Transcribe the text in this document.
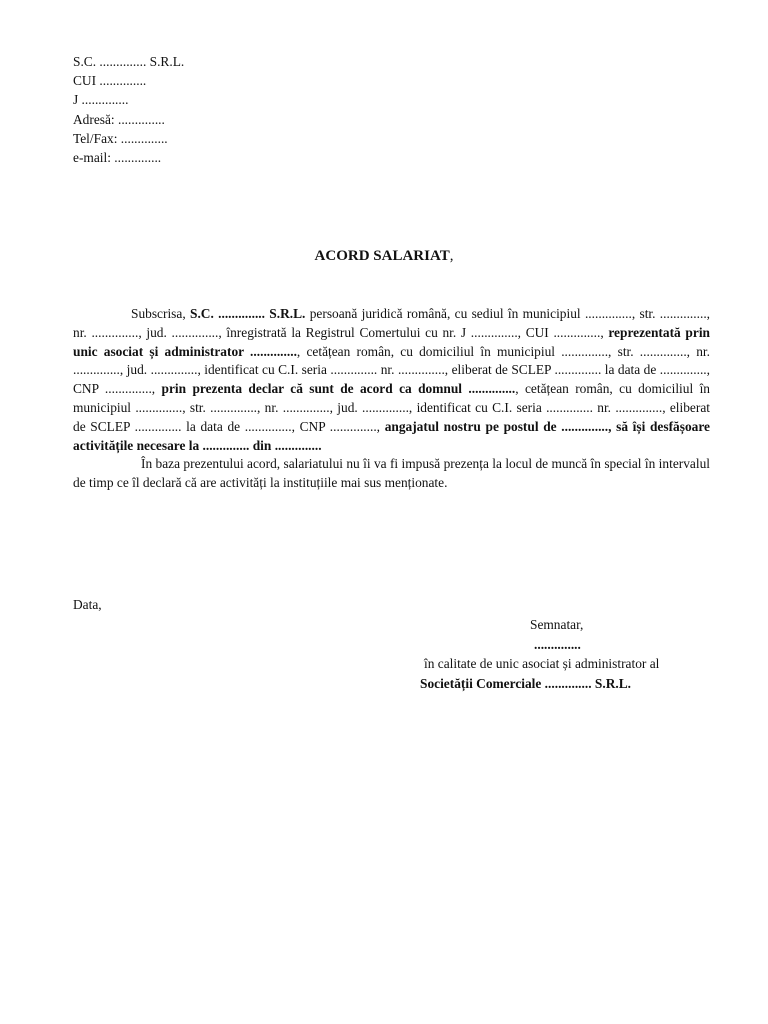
S.C. .............. S.R.L.
CUI ..............
J ..............
Adresă: ..............
Tel/Fax: ..............
e-mail: ..............
ACORD SALARIAT,

Subscrisa, S.C. .............. S.R.L. persoană juridică română, cu sediul în municipiul .............., str. .............., nr. .............., jud. .............., înregistrată la Registrul Comertului cu nr. J .............., CUI .............., reprezentată prin unic asociat și administrator .............., cetățean român, cu domiciliul în municipiul .............., str. .............., nr. .............., jud. .............., identificat cu C.I. seria .............. nr. .............., eliberat de SCLEP .............. la data de .............., CNP .............., prin prezenta declar că sunt de acord ca domnul .............., cetățean român, cu domiciliul în municipiul .............., str. .............., nr. .............., jud. .............., identificat cu C.I. seria .............. nr. .............., eliberat de SCLEP .............. la data de .............., CNP .............., angajatul nostru pe postul de .............., să își desfășoare activitățile necesare la .............. din ..............

În baza prezentului acord, salariatului nu îi va fi impusă prezența la locul de muncă în special în intervalul de timp ce îl declară că are activități la instituțiile mai sus menționate.

Data,
Semnatar,
..............
în calitate de unic asociat și administrator al
Societății Comerciale .............. S.R.L.
